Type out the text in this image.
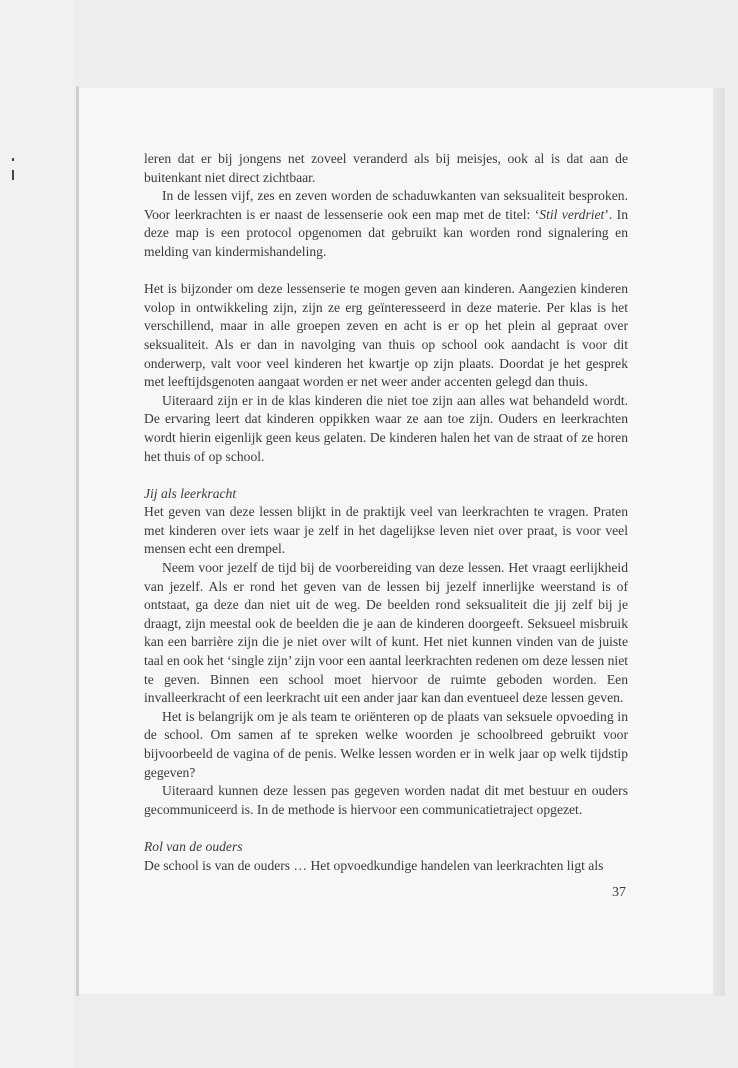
leren dat er bij jongens net zoveel veranderd als bij meisjes, ook al is dat aan de buitenkant niet direct zichtbaar.

In de lessen vijf, zes en zeven worden de schaduwkanten van seksualiteit besproken. Voor leerkrachten is er naast de lessenserie ook een map met de titel: ‘Stil verdriet’. In deze map is een protocol opgenomen dat gebruikt kan worden rond signalering en melding van kindermishandeling.

Het is bijzonder om deze lessenserie te mogen geven aan kinderen. Aangezien kinderen volop in ontwikkeling zijn, zijn ze erg geïnteresseerd in deze materie. Per klas is het verschillend, maar in alle groepen zeven en acht is er op het plein al gepraat over seksualiteit. Als er dan in navolging van thuis op school ook aandacht is voor dit onderwerp, valt voor veel kinderen het kwartje op zijn plaats. Doordat je het gesprek met leeftijdsgenoten aangaat worden er net weer ander accenten gelegd dan thuis.

Uiteraard zijn er in de klas kinderen die niet toe zijn aan alles wat behandeld wordt. De ervaring leert dat kinderen oppikken waar ze aan toe zijn. Ouders en leerkrachten wordt hierin eigenlijk geen keus gelaten. De kinderen halen het van de straat of ze horen het thuis of op school.

Jij als leerkracht

Het geven van deze lessen blijkt in de praktijk veel van leerkrachten te vragen. Praten met kinderen over iets waar je zelf in het dagelijkse leven niet over praat, is voor veel mensen echt een drempel.

Neem voor jezelf de tijd bij de voorbereiding van deze lessen. Het vraagt eerlijkheid van jezelf. Als er rond het geven van de lessen bij jezelf innerlijke weerstand is of ontstaat, ga deze dan niet uit de weg. De beelden rond seksualiteit die jij zelf bij je draagt, zijn meestal ook de beelden die je aan de kinderen doorgeeft. Seksueel misbruik kan een barrière zijn die je niet over wilt of kunt. Het niet kunnen vinden van de juiste taal en ook het ‘single zijn’ zijn voor een aantal leerkrachten redenen om deze lessen niet te geven. Binnen een school moet hiervoor de ruimte geboden worden. Een invalleerkracht of een leerkracht uit een ander jaar kan dan eventueel deze lessen geven.

Het is belangrijk om je als team te oriënteren op de plaats van seksuele opvoeding in de school. Om samen af te spreken welke woorden je schoolbreed gebruikt voor bijvoorbeeld de vagina of de penis. Welke lessen worden er in welk jaar op welk tijdstip gegeven?

Uiteraard kunnen deze lessen pas gegeven worden nadat dit met bestuur en ouders gecommuniceerd is. In de methode is hiervoor een communicatietraject opgezet.

Rol van de ouders

De school is van de ouders … Het opvoedkundige handelen van leerkrachten ligt als

37
